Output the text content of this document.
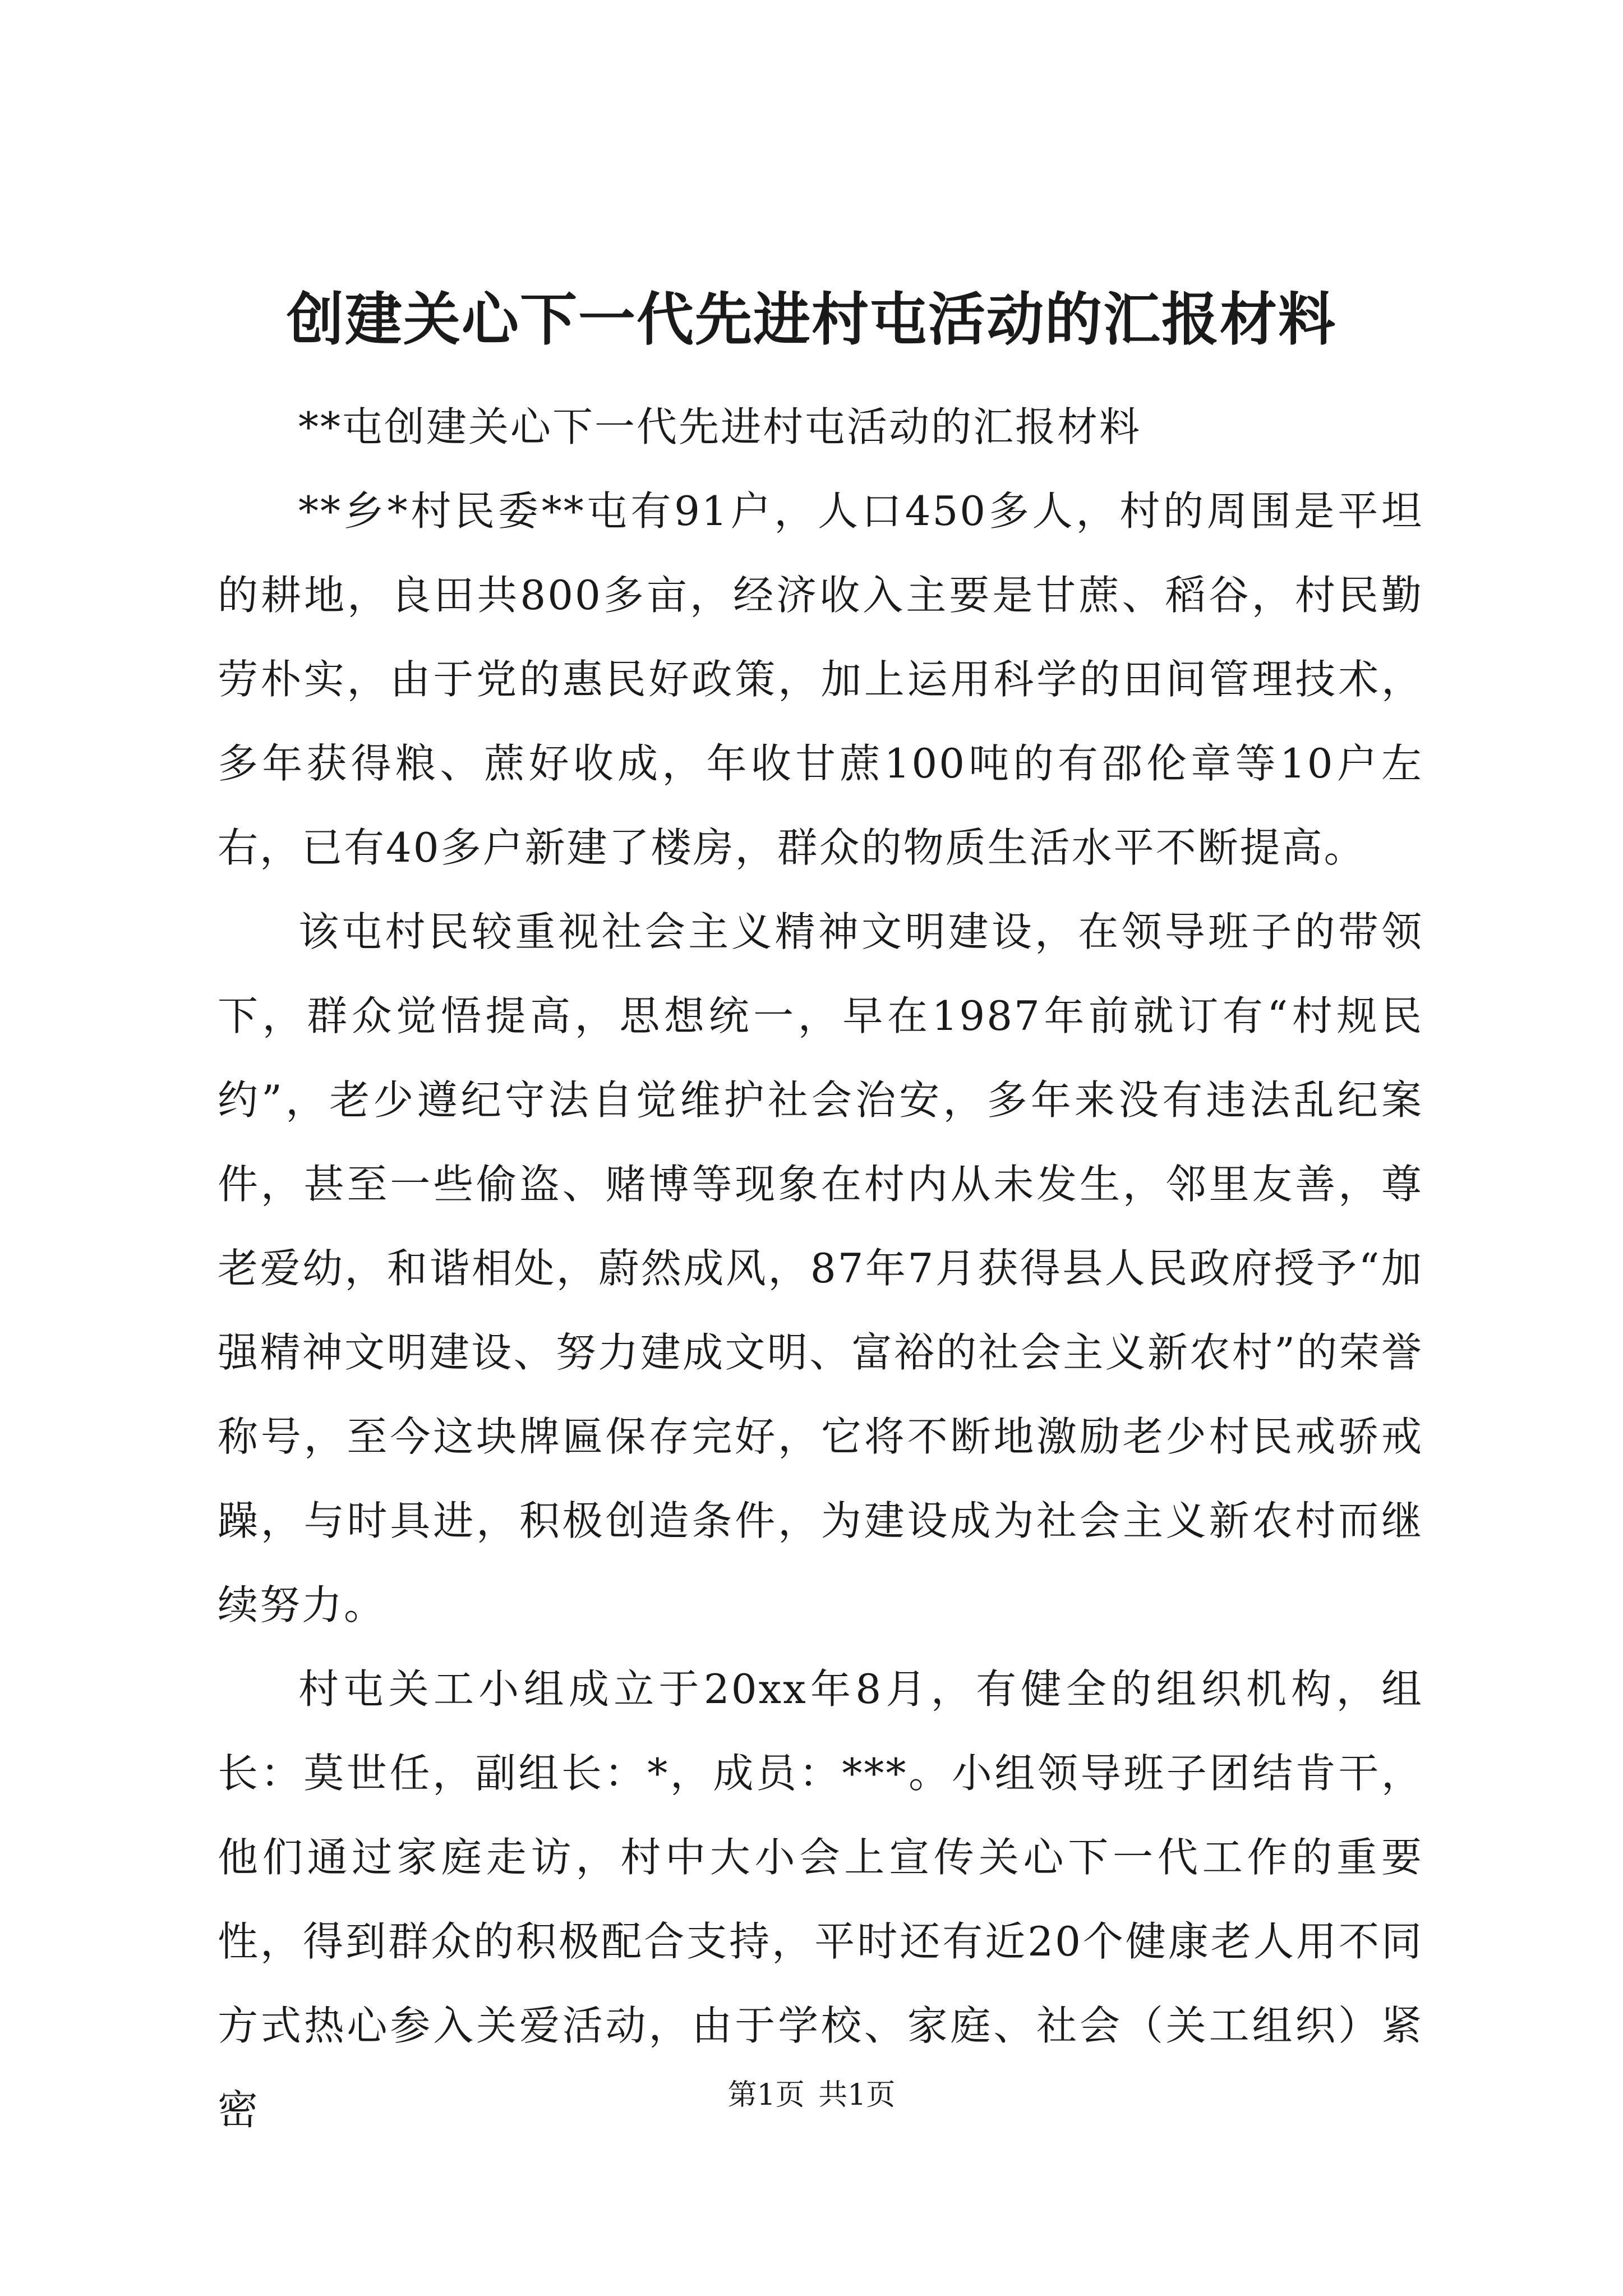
创建关心下一代先进村屯活动的汇报材料

**屯创建关心下一代先进村屯活动的汇报材料

**乡*村民委**屯有91户，人口450多人，村的周围是平坦的耕地，良田共800多亩，经济收入主要是甘蔗、稻谷，村民勤劳朴实，由于党的惠民好政策，加上运用科学的田间管理技术，多年获得粮、蔗好收成，年收甘蔗100吨的有邵伦章等10户左右，已有40多户新建了楼房，群众的物质生活水平不断提高。

该屯村民较重视社会主义精神文明建设，在领导班子的带领下，群众觉悟提高，思想统一，早在1987年前就订有“村规民约”，老少遵纪守法自觉维护社会治安，多年来没有违法乱纪案件，甚至一些偷盗、赌博等现象在村内从未发生，邻里友善，尊老爱幼，和谐相处，蔚然成风，87年7月获得县人民政府授予“加强精神文明建设、努力建成文明、富裕的社会主义新农村”的荣誉称号，至今这块牌匾保存完好，它将不断地激励老少村民戒骄戒躁，与时具进，积极创造条件，为建设成为社会主义新农村而继续努力。

村屯关工小组成立于20xx年8月，有健全的组织机构，组长：莫世任，副组长：*，成员：***。小组领导班子团结肯干，他们通过家庭走访，村中大小会上宣传关心下一代工作的重要性，得到群众的积极配合支持，平时还有近20个健康老人用不同方式热心参入关爱活动，由于学校、家庭、社会（关工组织）紧密	第1页 共1页
